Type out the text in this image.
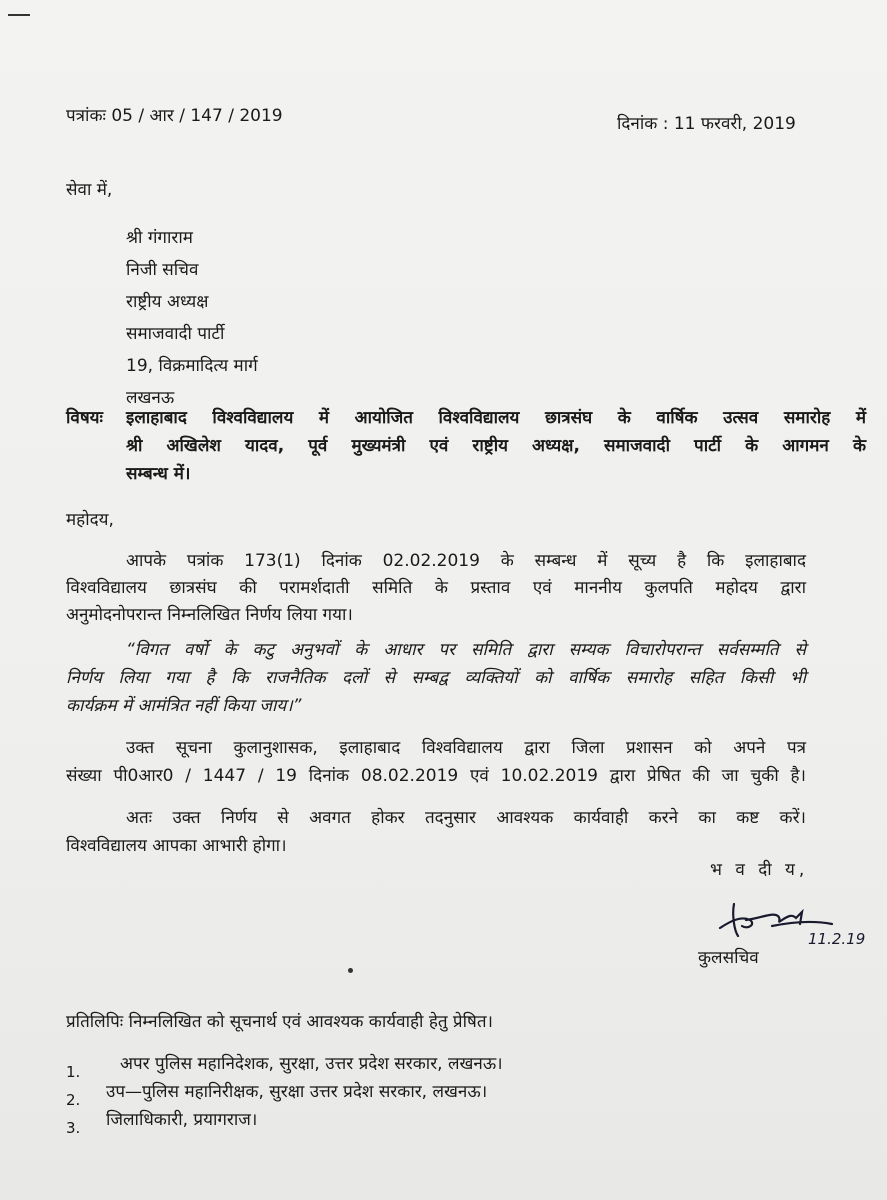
पत्रांकः 05 / आर / 147 / 2019	दिनांक : 11 फरवरी, 2019
सेवा में,
श्री गंगाराम
निजी सचिव
राष्ट्रीय अध्यक्ष
समाजवादी पार्टी
19, विक्रमादित्य मार्ग
लखनऊ
विषयः इलाहाबाद विश्वविद्यालय में आयोजित विश्वविद्यालय छात्रसंघ के वार्षिक उत्सव समारोह में
श्री अखिलेश यादव, पूर्व मुख्यमंत्री एवं राष्ट्रीय अध्यक्ष, समाजवादी पार्टी के आगमन के
सम्बन्ध में।
महोदय,
आपके पत्रांक 173(1) दिनांक 02.02.2019 के सम्बन्ध में सूच्य है कि इलाहाबाद
विश्वविद्यालय छात्रसंघ की परामर्शदाती समिति के प्रस्ताव एवं माननीय कुलपति महोदय द्वारा
अनुमोदनोपरान्त निम्नलिखित निर्णय लिया गया।
“विगत वर्षो के कटु अनुभवों के आधार पर समिति द्वारा सम्यक विचारोपरान्त सर्वसम्मति से
निर्णय लिया गया है कि राजनैतिक दलों से सम्बद्व व्यक्तियों को वार्षिक समारोह सहित किसी भी
कार्यक्रम में आमंत्रित नहीं किया जाय।”
उक्त सूचना कुलानुशासक, इलाहाबाद विश्वविद्यालय द्वारा जिला प्रशासन को अपने पत्र
संख्या पी0आर0 / 1447 / 19 दिनांक 08.02.2019 एवं 10.02.2019 द्वारा प्रेषित की जा चुकी है।
अतः उक्त निर्णय से अवगत होकर तदनुसार आवश्यक कार्यवाही करने का कष्ट करें।
विश्वविद्यालय आपका आभारी होगा।
भ व दी य,
11.2.19
कुलसचिव
प्रतिलिपिः निम्नलिखित को सूचनार्थ एवं आवश्यक कार्यवाही हेतु प्रेषित।
1. अपर पुलिस महानिदेशक, सुरक्षा, उत्तर प्रदेश सरकार, लखनऊ।
2. उप—पुलिस महानिरीक्षक, सुरक्षा उत्तर प्रदेश सरकार, लखनऊ।
3. जिलाधिकारी, प्रयागराज।
